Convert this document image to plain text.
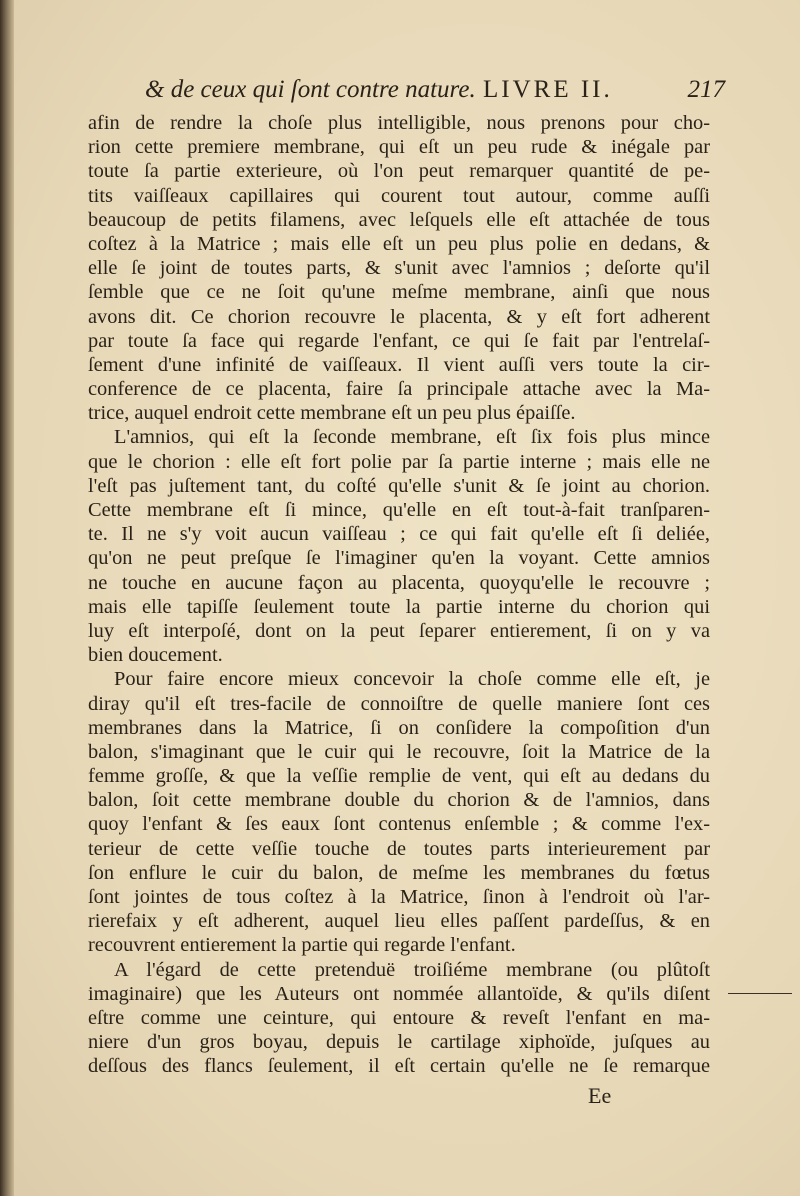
& de ceux qui ſont contre nature. LIVRE II.	217
afin de rendre la choſe plus intelligible, nous prenons pour cho-
rion cette premiere membrane, qui eſt un peu rude & inégale par
toute ſa partie exterieure, où l'on peut remarquer quantité de pe-
tits vaiſſeaux capillaires qui courent tout autour, comme auſſi
beaucoup de petits filamens, avec leſquels elle eſt attachée de tous
coſtez à la Matrice ; mais elle eſt un peu plus polie en dedans, &
elle ſe joint de toutes parts, & s'unit avec l'amnios ; deſorte qu'il
ſemble que ce ne ſoit qu'une meſme membrane, ainſi que nous
avons dit. Ce chorion recouvre le placenta, & y eſt fort adherent
par toute ſa face qui regarde l'enfant, ce qui ſe fait par l'entrelaſ-
ſement d'une infinité de vaiſſeaux. Il vient auſſi vers toute la cir-
conference de ce placenta, faire ſa principale attache avec la Ma-
trice, auquel endroit cette membrane eſt un peu plus épaiſſe.
L'amnios, qui eſt la ſeconde membrane, eſt ſix fois plus mince
que le chorion : elle eſt fort polie par ſa partie interne ; mais elle ne
l'eſt pas juſtement tant, du coſté qu'elle s'unit & ſe joint au chorion.
Cette membrane eſt ſi mince, qu'elle en eſt tout-à-fait tranſparen-
te. Il ne s'y voit aucun vaiſſeau ; ce qui fait qu'elle eſt ſi deliée,
qu'on ne peut preſque ſe l'imaginer qu'en la voyant. Cette amnios
ne touche en aucune façon au placenta, quoyqu'elle le recouvre ;
mais elle tapiſſe ſeulement toute la partie interne du chorion qui
luy eſt interpoſé, dont on la peut ſeparer entierement, ſi on y va
bien doucement.
Pour faire encore mieux concevoir la choſe comme elle eſt, je
diray qu'il eſt tres-facile de connoiſtre de quelle maniere ſont ces
membranes dans la Matrice, ſi on conſidere la compoſition d'un
balon, s'imaginant que le cuir qui le recouvre, ſoit la Matrice de la
femme groſſe, & que la veſſie remplie de vent, qui eſt au dedans du
balon, ſoit cette membrane double du chorion & de l'amnios, dans
quoy l'enfant & ſes eaux ſont contenus enſemble ; & comme l'ex-
terieur de cette veſſie touche de toutes parts interieurement par
ſon enflure le cuir du balon, de meſme les membranes du fœtus
ſont jointes de tous coſtez à la Matrice, ſinon à l'endroit où l'ar-
rierefaix y eſt adherent, auquel lieu elles paſſent pardeſſus, & en
recouvrent entierement la partie qui regarde l'enfant.
A l'égard de cette pretenduë troiſiéme membrane (ou plûtoſt
imaginaire) que les Auteurs ont nommée allantoïde, & qu'ils diſent
eſtre comme une ceinture, qui entoure & reveſt l'enfant en ma-
niere d'un gros boyau, depuis le cartilage xiphoïde, juſques au
deſſous des flancs ſeulement, il eſt certain qu'elle ne ſe remarque
Ee
